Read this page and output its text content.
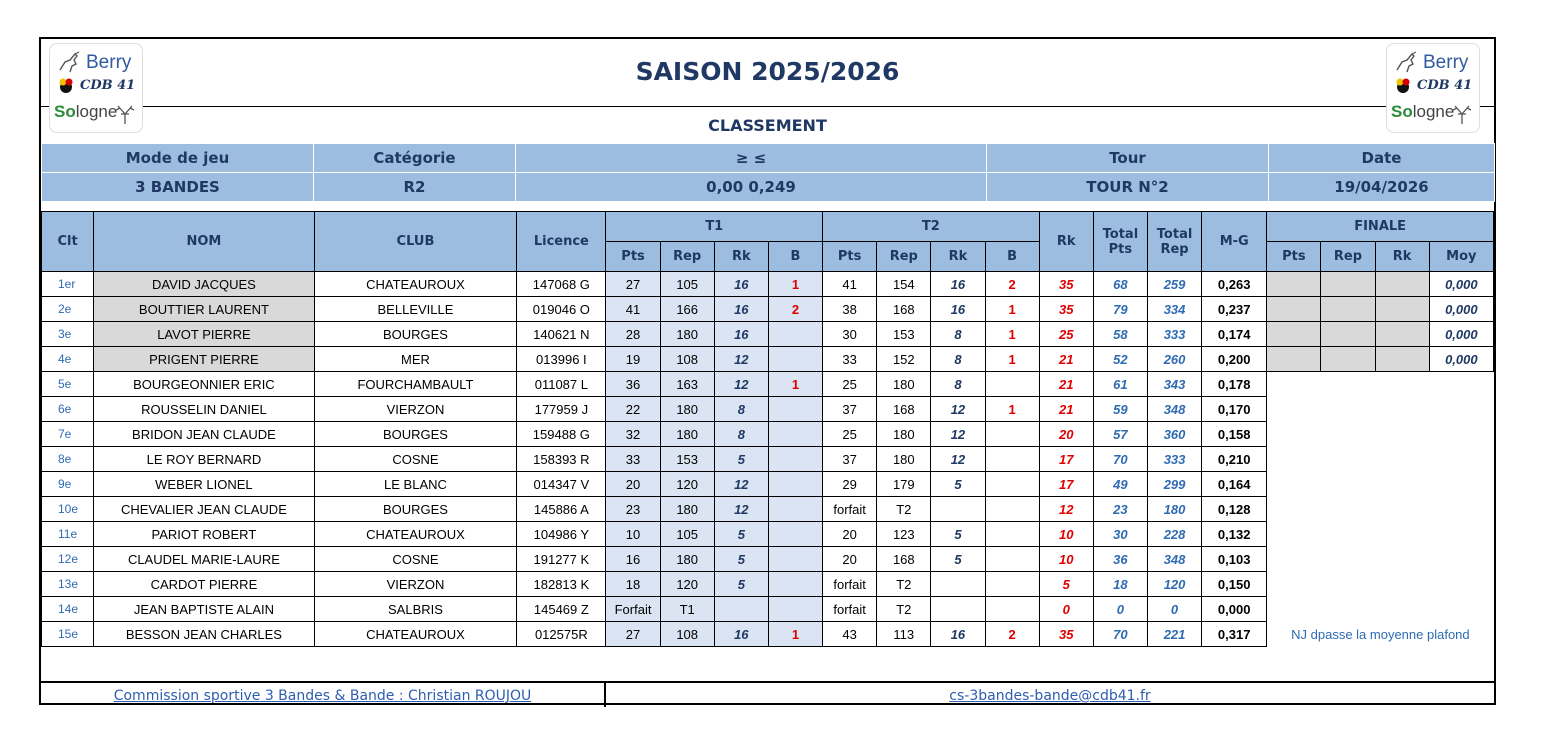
Berry
CDB 41
Sologne
Berry
CDB 41
Sologne
SAISON 2025/2026
CLASSEMENT
Mode de jeu	Catégorie	≥ ≤	Tour	Date
3 BANDES	R2	0,00 0,249	TOUR N°2	19/04/2026
Clt	NOM	CLUB	Licence	T1				T2				Rk	Total Pts	Total Rep	M-G	FINALE			
				Pts	Rep	Rk	B	Pts	Rep	Rk	B					Pts	Rep	Rk	Moy
1er	DAVID JACQUES	CHATEAUROUX	147068 G	27	105	16	1	41	154	16	2	35	68	259	0,263				0,000
2e	BOUTTIER LAURENT	BELLEVILLE	019046 O	41	166	16	2	38	168	16	1	35	79	334	0,237				0,000
3e	LAVOT PIERRE	BOURGES	140621 N	28	180	16		30	153	8	1	25	58	333	0,174				0,000
4e	PRIGENT PIERRE	MER	013996 I	19	108	12		33	152	8	1	21	52	260	0,200				0,000
5e	BOURGEONNIER ERIC	FOURCHAMBAULT	011087 L	36	163	12	1	25	180	8		21	61	343	0,178				
6e	ROUSSELIN DANIEL	VIERZON	177959 J	22	180	8		37	168	12	1	21	59	348	0,170				
7e	BRIDON JEAN CLAUDE	BOURGES	159488 G	32	180	8		25	180	12		20	57	360	0,158				
8e	LE ROY BERNARD	COSNE	158393 R	33	153	5		37	180	12		17	70	333	0,210				
9e	WEBER LIONEL	LE BLANC	014347 V	20	120	12		29	179	5		17	49	299	0,164				
10e	CHEVALIER JEAN CLAUDE	BOURGES	145886 A	23	180	12		forfait	T2			12	23	180	0,128				
11e	PARIOT ROBERT	CHATEAUROUX	104986 Y	10	105	5		20	123	5		10	30	228	0,132				
12e	CLAUDEL MARIE-LAURE	COSNE	191277 K	16	180	5		20	168	5		10	36	348	0,103				
13e	CARDOT PIERRE	VIERZON	182813 K	18	120	5		forfait	T2			5	18	120	0,150				
14e	JEAN BAPTISTE ALAIN	SALBRIS	145469 Z	Forfait	T1			forfait	T2			0	0	0	0,000				
15e	BESSON JEAN CHARLES	CHATEAUROUX	012575R	27	108	16	1	43	113	16	2	35	70	221	0,317	NJ dpasse la moyenne plafond			
Commission sportive 3 Bandes & Bande : Christian ROUJOU	cs-3bandes-bande@cdb41.fr
